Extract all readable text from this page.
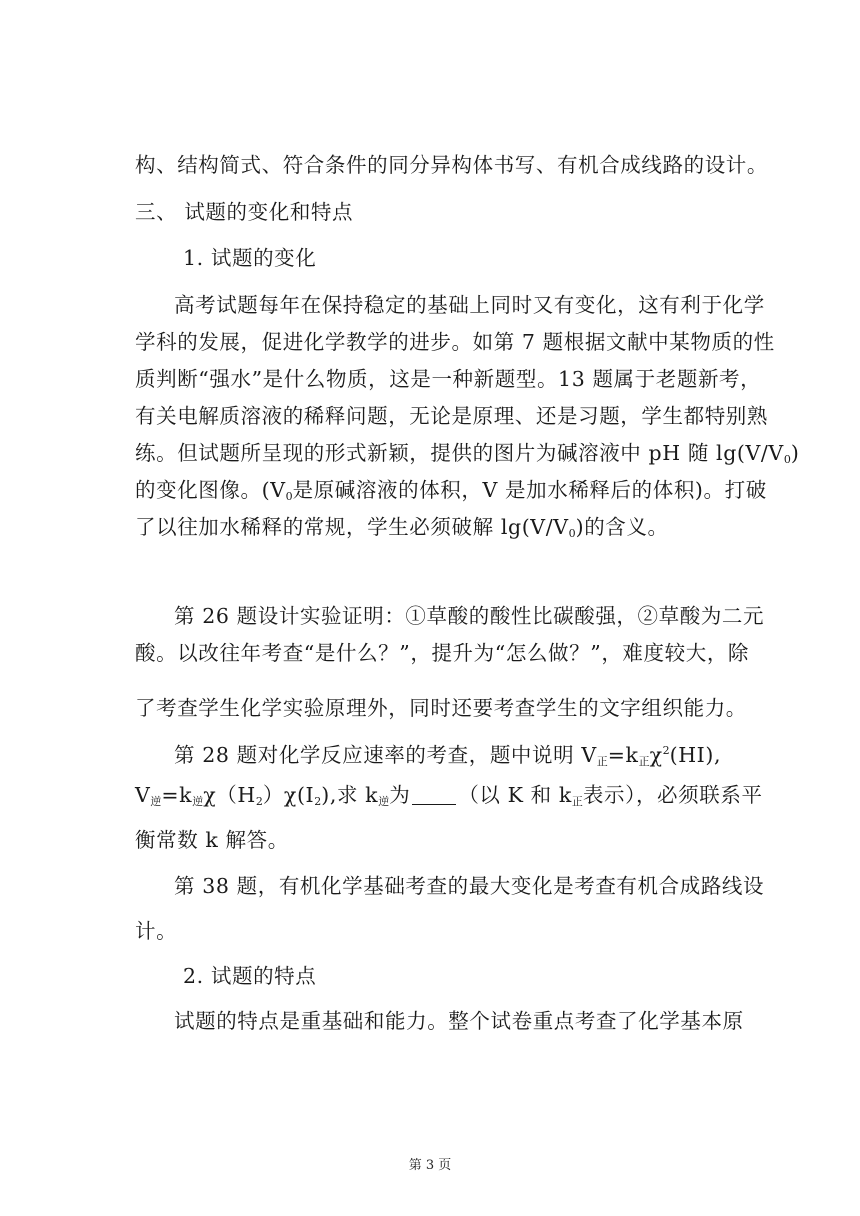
构、结构简式、符合条件的同分异构体书写、有机合成线路的设计。
三、 试题的变化和特点
1. 试题的变化
高考试题每年在保持稳定的基础上同时又有变化，这有利于化学
学科的发展，促进化学教学的进步。如第 7 题根据文献中某物质的性
质判断“强水”是什么物质，这是一种新题型。13 题属于老题新考，
有关电解质溶液的稀释问题，无论是原理、还是习题，学生都特别熟
练。但试题所呈现的形式新颖，提供的图片为碱溶液中 pH 随 $\lg(V/V_0)$
的变化图像。($V_0$是原碱溶液的体积，V 是加水稀释后的体积)。打破
了以往加水稀释的常规，学生必须破解 $\lg(V/V_0)$的含义。
第 26 题设计实验证明：①草酸的酸性比碳酸强，②草酸为二元
酸。以改往年考查“是什么？”，提升为“怎么做？”，难度较大，除
了考查学生化学实验原理外，同时还要考查学生的文字组织能力。
第 28 题对化学反应速率的考查，题中说明 $V_正=k_正\chi^2(HI)$,
$V_逆=k_逆\chi(H_2)\chi(I_2)$,求 $k_逆$为 （以 K 和 $k_正$表示），必须联系平
衡常数 k 解答。
第 38 题，有机化学基础考查的最大变化是考查有机合成路线设
计。
2. 试题的特点
试题的特点是重基础和能力。整个试卷重点考查了化学基本原
第 3 页
